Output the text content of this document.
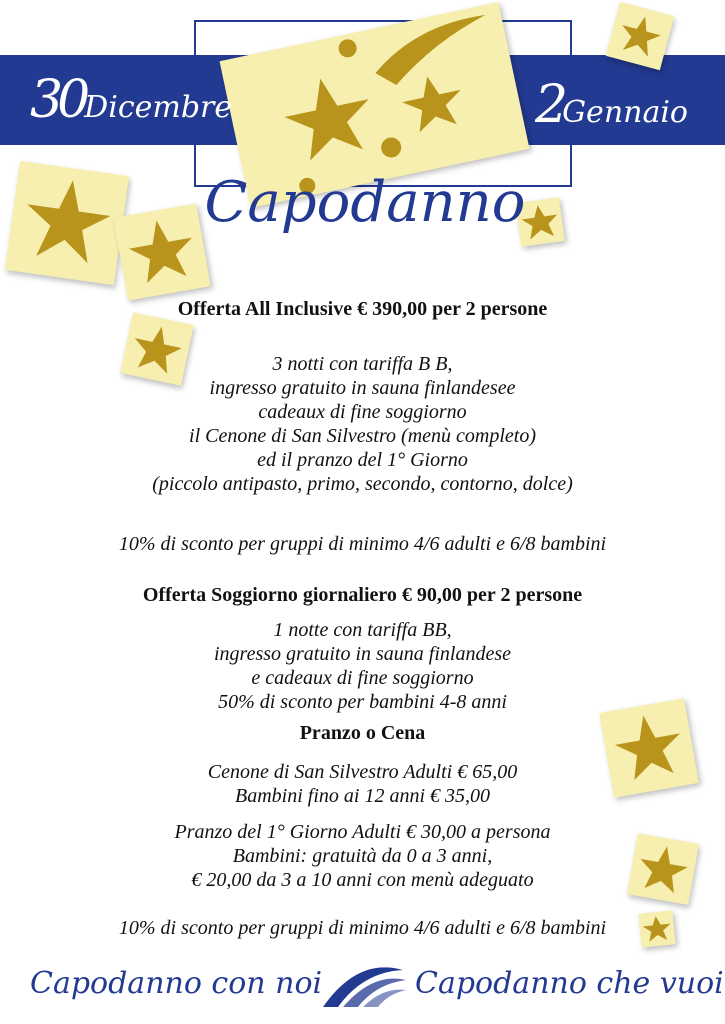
30Dicembre	2Gennaio
Capodanno
Offerta All Inclusive € 390,00 per 2 persone
3 notti con tariffa B B,
ingresso gratuito in sauna finlandesee
cadeaux di fine soggiorno
il Cenone di San Silvestro (menù completo)
ed il pranzo del 1° Giorno
(piccolo antipasto, primo, secondo, contorno, dolce)
10% di sconto per gruppi di minimo 4/6 adulti e 6/8 bambini
Offerta Soggiorno giornaliero € 90,00 per 2 persone
1 notte con tariffa BB,
ingresso gratuito in sauna finlandese
e cadeaux di fine soggiorno
50% di sconto per bambini 4-8 anni
Pranzo o Cena
Cenone di San Silvestro Adulti € 65,00
Bambini fino ai 12 anni € 35,00
Pranzo del 1° Giorno Adulti € 30,00 a persona
Bambini: gratuità da 0 a 3 anni,
€ 20,00 da 3 a 10 anni con menù adeguato
10% di sconto per gruppi di minimo 4/6 adulti e 6/8 bambini
Capodanno con noi	Capodanno che vuoi
